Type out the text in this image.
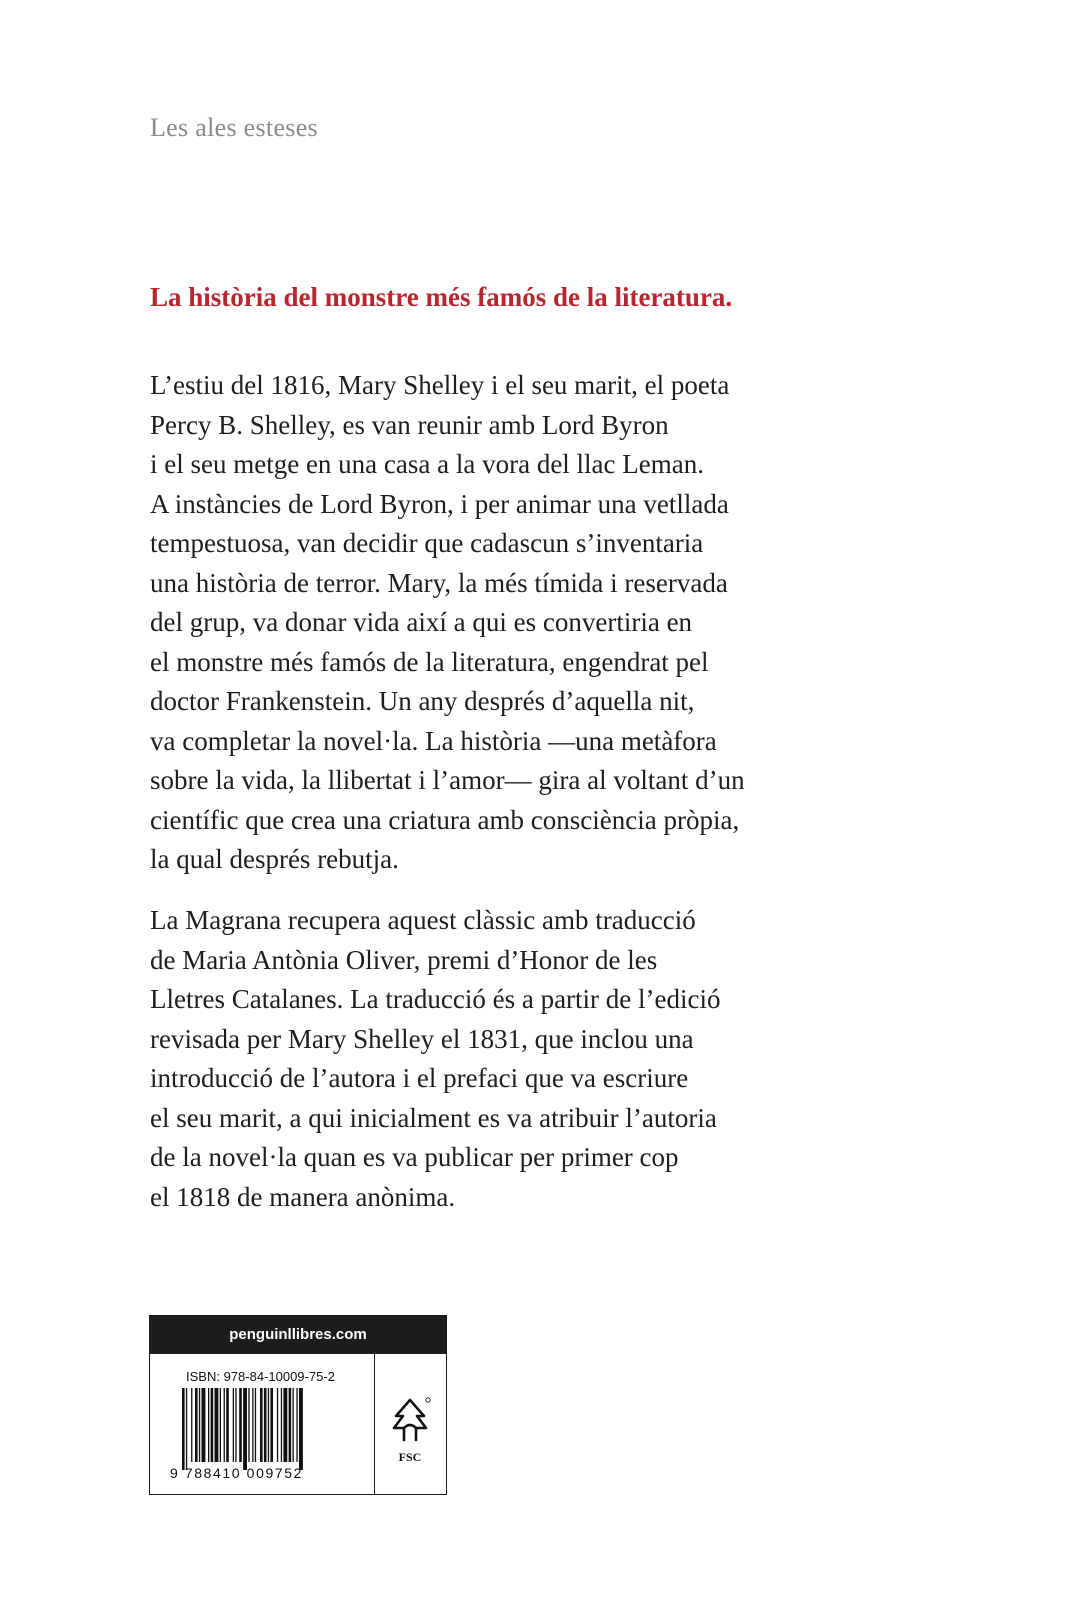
Les ales esteses

La història del monstre més famós de la literatura.

L’estiu del 1816, Mary Shelley i el seu marit, el poeta
Percy B. Shelley, es van reunir amb Lord Byron
i el seu metge en una casa a la vora del llac Leman.
A instàncies de Lord Byron, i per animar una vetllada
tempestuosa, van decidir que cadascun s’inventaria
una història de terror. Mary, la més tímida i reservada
del grup, va donar vida així a qui es convertiria en
el monstre més famós de la literatura, engendrat pel
doctor Frankenstein. Un any després d’aquella nit,
va completar la novel·la. La història —una metàfora
sobre la vida, la llibertat i l’amor— gira al voltant d’un
científic que crea una criatura amb consciència pròpia,
la qual després rebutja.

La Magrana recupera aquest clàssic amb traducció
de Maria Antònia Oliver, premi d’Honor de les
Lletres Catalanes. La traducció és a partir de l’edició
revisada per Mary Shelley el 1831, que inclou una
introducció de l’autora i el prefaci que va escriure
el seu marit, a qui inicialment es va atribuir l’autoria
de la novel·la quan es va publicar per primer cop
el 1818 de manera anònima.

penguinllibres.com
ISBN: 978-84-10009-75-2
9 788410 009752
FSC
